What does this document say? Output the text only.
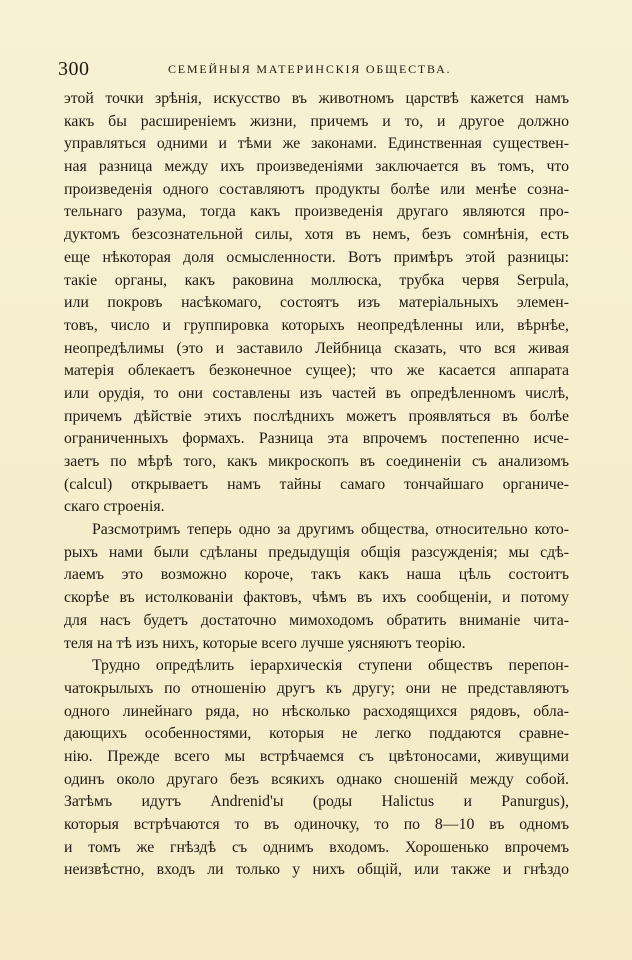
300	СЕМЕЙНЫЯ МАТЕРИНСКІЯ ОБЩЕСТВА.
этой точки зрѣнія, искусство въ животномъ царствѣ кажется намъ
какъ бы расширеніемъ жизни, причемъ и то, и другое должно
управляться одними и тѣми же законами. Единственная существен-
ная разница между ихъ произведеніями заключается въ томъ, что
произведенія одного составляютъ продукты болѣе или менѣе созна-
тельнаго разума, тогда какъ произведенія другаго являются про-
дуктомъ безсознательной силы, хотя въ немъ, безъ сомнѣнія, есть
еще нѣкоторая доля осмысленности. Вотъ примѣръ этой разницы:
такіе органы, какъ раковина моллюска, трубка червя Serpula,
или покровъ насѣкомаго, состоятъ изъ матеріальныхъ элемен-
товъ, число и группировка которыхъ неопредѣленны или, вѣрнѣе,
неопредѣлимы (это и заставило Лейбница сказать, что вся живая
матерія облекаетъ безконечное сущее); что же касается аппарата
или орудія, то они составлены изъ частей въ опредѣленномъ числѣ,
причемъ дѣйствіе этихъ послѣднихъ можетъ проявляться въ болѣе
ограниченныхъ формахъ. Разница эта впрочемъ постепенно исче-
заетъ по мѣрѣ того, какъ микроскопъ въ соединеніи съ анализомъ
(calcul) открываетъ намъ тайны самаго тончайшаго органиче-
скаго строенія.
Разсмотримъ теперь одно за другимъ общества, относительно кото-
рыхъ нами были сдѣланы предыдущія общія разсужденія; мы сдѣ-
лаемъ это возможно короче, такъ какъ наша цѣль состоитъ
скорѣе въ истолкованіи фактовъ, чѣмъ въ ихъ сообщеніи, и потому
для насъ будетъ достаточно мимоходомъ обратить вниманіе чита-
теля на тѣ изъ нихъ, которые всего лучше уясняютъ теорію.
Трудно опредѣлить іерархическія ступени обществъ перепон-
чатокрылыхъ по отношенію другъ къ другу; они не представляютъ
одного линейнаго ряда, но нѣсколько расходящихся рядовъ, обла-
дающихъ особенностями, которыя не легко поддаются сравне-
нію. Прежде всего мы встрѣчаемся съ цвѣтоносами, живущими
одинъ около другаго безъ всякихъ однако сношеній между собой.
Затѣмъ идутъ Andrenid'ы (роды Halictus и Panurgus),
которыя встрѣчаются то въ одиночку, то по 8—10 въ одномъ
и томъ же гнѣздѣ съ однимъ входомъ. Хорошенько впрочемъ
неизвѣстно, входъ ли только у нихъ общій, или также и гнѣздо
